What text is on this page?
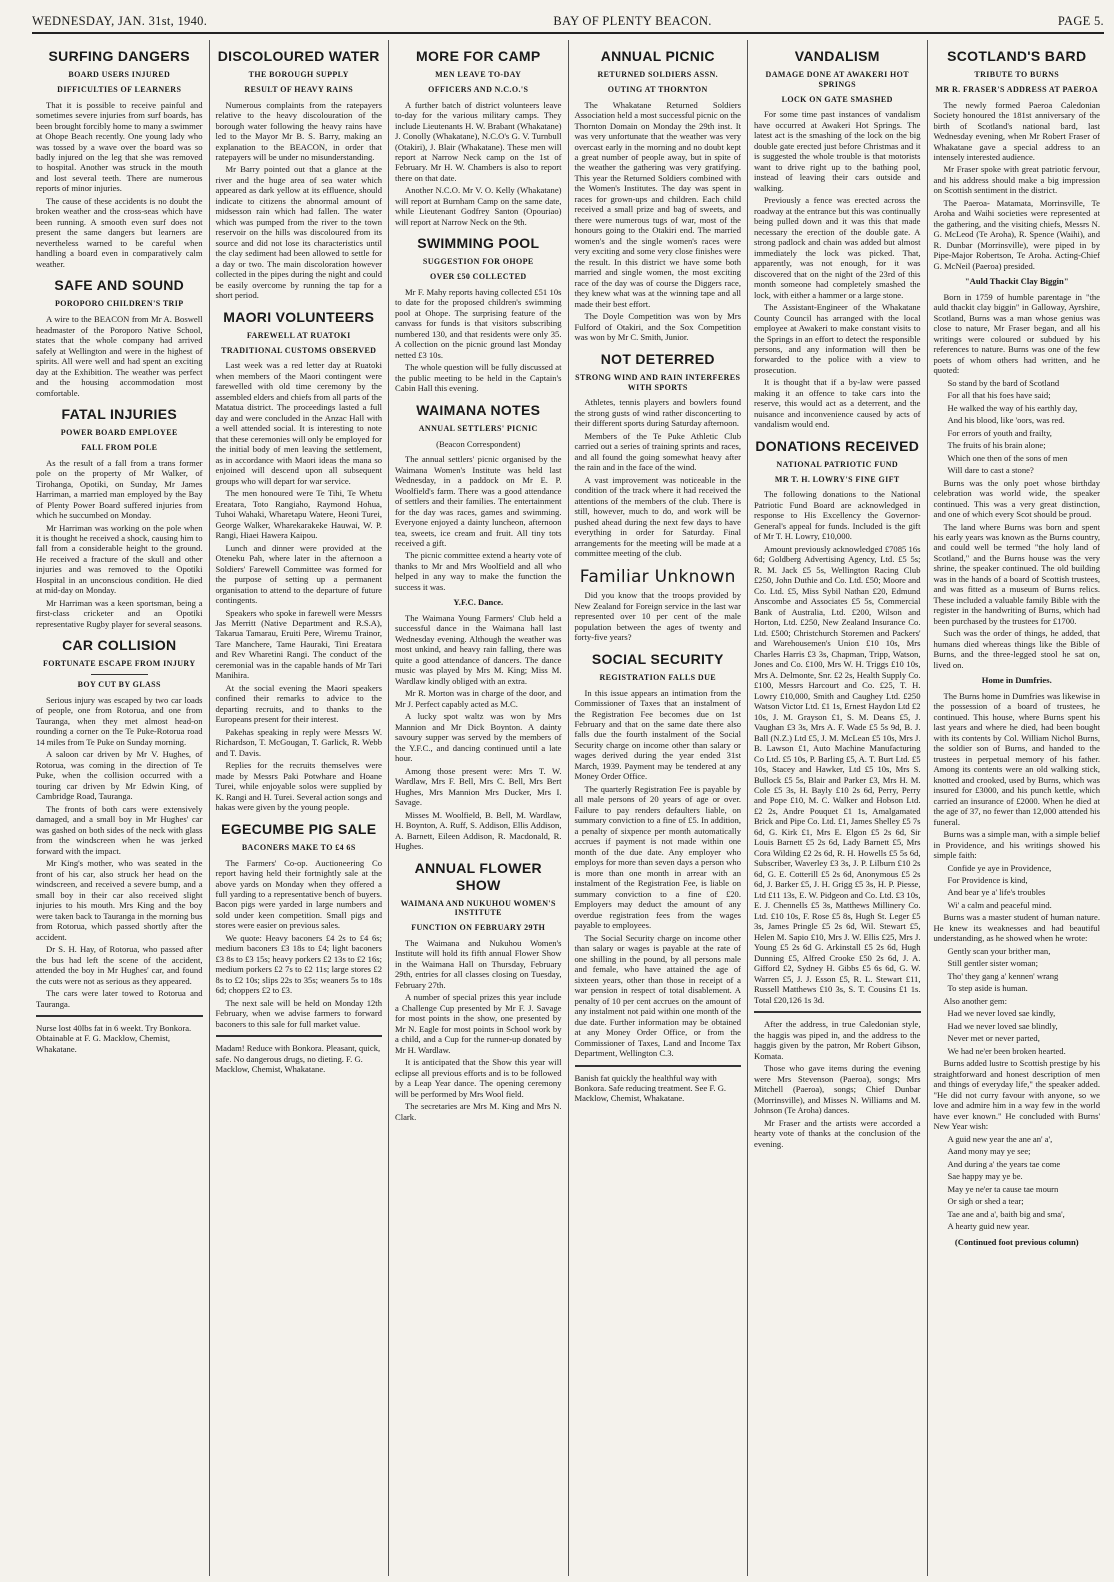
WEDNESDAY, JAN. 31st, 1940.	BAY OF PLENTY BEACON.	PAGE 5.
SURFING DANGERS
BOARD USERS INJURED
DIFFICULTIES OF LEARNERS

That it is possible to receive painful and sometimes severe injuries from surf boards, has been brought forcibly home to many a swimmer at Ohope Beach recently. One young lady who was tossed by a wave over the board was so badly injured on the leg that she was removed to hospital. Another was struck in the mouth and lost several teeth. There are numerous reports of minor injuries.

The cause of these accidents is no doubt the broken weather and the cross-seas which have been running. A smooth even surf does not present the same dangers but learners are nevertheless warned to be careful when handling a board even in comparatively calm weather.

SAFE AND SOUND
POROPORO CHILDREN'S TRIP

A wire to the BEACON from Mr A. Boswell headmaster of the Poroporo Native School, states that the whole company had arrived safely at Wellington and were in the highest of spirits. All were well and had spent an exciting day at the Exhibition. The weather was perfect and the housing accommodation most comfortable.

FATAL INJURIES
POWER BOARD EMPLOYEE
FALL FROM POLE

As the result of a fall from a trans former pole on the property of Mr Walker, of Tirohanga, Opotiki, on Sunday, Mr James Harriman, a married man employed by the Bay of Plenty Power Board suffered injuries from which he succumbed on Monday.

Mr Harriman was working on the pole when it is thought he received a shock, causing him to fall from a considerable height to the ground. He received a fracture of the skull and other injuries and was removed to the Opotiki Hospital in an unconscious condition. He died at mid-day on Monday.

Mr Harriman was a keen sportsman, being a first-class cricketer and an Opotiki representative Rugby player for several seasons.

CAR COLLISION
FORTUNATE ESCAPE FROM INJURY
BOY CUT BY GLASS

Serious injury was escaped by two car loads of people, one from Rotorua, and one from Tauranga, when they met almost head-on rounding a corner on the Te Puke-Rotorua road 14 miles from Te Puke on Sunday morning.

A saloon car driven by Mr V. Hughes, of Rotorua, was coming in the direction of Te Puke, when the collision occurred with a touring car driven by Mr Edwin King, of Cambridge Road, Tauranga.

The fronts of both cars were extensively damaged, and a small boy in Mr Hughes' car was gashed on both sides of the neck with glass from the windscreen when he was jerked forward with the impact.

Mr King's mother, who was seated in the front of his car, also struck her head on the windscreen, and received a severe bump, and a small boy in their car also received slight injuries to his mouth. Mrs King and the boy were taken back to Tauranga in the morning bus from Rotorua, which passed shortly after the accident.

Dr S. H. Hay, of Rotorua, who passed after the bus had left the scene of the accident, attended the boy in Mr Hughes' car, and found the cuts were not as serious as they appeared.

The cars were later towed to Rotorua and Tauranga.

Nurse lost 40lbs fat in 6 weekt. Try Bonkora. Obtainable at F. G. Macklow, Chemist, Whakatane.
DISCOLOURED WATER
THE BOROUGH SUPPLY
RESULT OF HEAVY RAINS

Numerous complaints from the ratepayers relative to the heavy discolouration of the borough water following the heavy rains have led to the Mayor Mr B. S. Barry, making an explanation to the BEACON, in order that ratepayers will be under no misunderstanding.

Mr Barry pointed out that a glance at the river and the huge area of sea water which appeared as dark yellow at its effluence, should indicate to citizens the abnormal amount of midsesson rain which had fallen. The water which was pumped from the river to the town reservoir on the hills was discoloured from its source and did not lose its characteristics until the clay sediment had been allowed to settle for a day or two. The main discoloration however collected in the pipes during the night and could be easily overcome by running the tap for a short period.

MAORI VOLUNTEERS
FAREWELL AT RUATOKI
TRADITIONAL CUSTOMS OBSERVED

Last week was a red letter day at Ruatoki when members of the Maori contingent were farewelled with old time ceremony by the assembled elders and chiefs from all parts of the Matatua district. The proceedings lasted a full day and were concluded in the Anzac Hall with a well attended social. It is interesting to note that these ceremonies will only be employed for the initial body of men leaving the settlement, as in accordance with Maori ideas the mana so enjoined will descend upon all subsequent groups who will depart for war service.

The men honoured were Te Tihi, Te Whetu Ereatara, Toto Rangiaho, Raymond Hohua, Tuhoi Wahaki, Wharetapu Watere, Heoni Turei, George Walker, Wharekarakeke Hauwai, W. P. Rangi, Hiaei Hawera Kaipou.

Lunch and dinner were provided at the Oteneku Pah, where later in the afternoon a Soldiers' Farewell Committee was formed for the purpose of setting up a permanent organisation to attend to the departure of future contingents.

Speakers who spoke in farewell were Messrs Jas Merritt (Native Department and R.S.A), Takarua Tamarau, Eruiti Pere, Wiremu Trainor, Tare Manchere, Tame Hauraki, Tini Ereatara and Rev Wharetini Rangi. The conduct of the ceremonial was in the capable hands of Mr Tari Manihira.

At the social evening the Maori speakers confined their remarks to advice to the departing recruits, and to thanks to the Europeans present for their interest.

Pakehas speaking in reply were Messrs W. Richardson, T. McGougan, T. Garlick, R. Webb and T. Davis.

Replies for the recruits themselves were made by Messrs Paki Potwhare and Hoane Turei, while enjoyable solos were supplied by K. Rangi and H. Turei. Several action songs and hakas were given by the young people.

EGECUMBE PIG SALE
BACONERS MAKE TO £4 6S

The Farmers' Co-op. Auctioneering Co report having held their fortnightly sale at the above yards on Monday when they offered a full yarding to a representative bench of buyers. Bacon pigs were yarded in large numbers and sold under keen competition. Small pigs and stores were easier on previous sales.

We quote: Heavy baconers £4 2s to £4 6s; medium baconers £3 18s to £4; light baconers £3 8s to £3 15s; heavy porkers £2 13s to £2 16s; medium porkers £2 7s to £2 11s; large stores £2 8s to £2 10s; slips 22s to 35s; weaners 5s to 18s 6d; choppers £2 to £3.

The next sale will be held on Monday 12th February, when we advise farmers to forward baconers to this sale for full market value.

Madam! Reduce with Bonkora. Pleasant, quick, safe. No dangerous drugs, no dieting. F. G. Macklow, Chemist, Whakatane.
MORE FOR CAMP
MEN LEAVE TO-DAY
OFFICERS AND N.C.O.'S

A further batch of district volunteers leave to-day for the various military camps. They include Lieutenants H. W. Brabant (Whakatane) J. Conolly (Whakatane), N.C.O's G. V. Turnbull (Otakiri), J. Blair (Whakatane). These men will report at Narrow Neck camp on the 1st of February. Mr H. W. Chambers is also to report there on that date.

Another N.C.O. Mr V. O. Kelly (Whakatane) will report at Burnham Camp on the same date, while Lieutenant Godfrey Santon (Opouriao) will report at Narrow Neck on the 9th.

SWIMMING POOL
SUGGESTION FOR OHOPE
OVER £50 COLLECTED

Mr F. Mahy reports having collected £51 10s to date for the proposed children's swimming pool at Ohope. The surprising feature of the canvass for funds is that visitors subscribing numbered 130, and that residents were only 35. A collection on the picnic ground last Monday netted £3 10s.

The whole question will be fully discussed at the public meeting to be held in the Captain's Cabin Hall this evening.

WAIMANA NOTES
ANNUAL SETTLERS' PICNIC

(Beacon Correspondent)

The annual settlers' picnic organised by the Waimana Women's Institute was held last Wednesday, in a paddock on Mr E. P. Woolfield's farm. There was a good attendance of settlers and their families. The entertainment for the day was races, games and swimming. Everyone enjoyed a dainty luncheon, afternoon tea, sweets, ice cream and fruit. All tiny tots received a gift.

The picnic committee extend a hearty vote of thanks to Mr and Mrs Woolfield and all who helped in any way to make the function the success it was.

Y.F.C. Dance.

The Waimana Young Farmers' Club held a successful dance in the Waimana hall last Wednesday evening. Although the weather was most unkind, and heavy rain falling, there was quite a good attendance of dancers. The dance music was played by Mrs M. King; Miss M. Wardlaw kindly obliged with an extra.

Mr R. Morton was in charge of the door, and Mr J. Perfect capably acted as M.C.

A lucky spot waltz was won by Mrs Mannion and Mr Dick Boynton. A dainty savoury supper was served by the members of the Y.F.C., and dancing continued until a late hour.

Among those present were: Mrs T. W. Wardlaw, Mrs F. Bell, Mrs C. Bell, Mrs Bert Hughes, Mrs Mannion Mrs Ducker, Mrs I. Savage.

Misses M. Woolfield, B. Bell, M. Wardlaw, H. Boynton, A. Ruff, S. Addison, Ellis Addison, A. Barnett, Eileen Addison, R. Macdonald, R. Hughes.

ANNUAL FLOWER SHOW
WAIMANA AND NUKUHOU WOMEN'S INSTITUTE
FUNCTION ON FEBRUARY 29TH

The Waimana and Nukuhou Women's Institute will hold its fifth annual Flower Show in the Waimana Hall on Thursday, February 29th, entries for all classes closing on Tuesday, February 27th.

A number of special prizes this year include a Challenge Cup presented by Mr F. J. Savage for most points in the show, one presented by Mr N. Eagle for most points in School work by a child, and a Cup for the runner-up donated by Mr H. Wardlaw.

It is anticipated that the Show this year will eclipse all previous efforts and is to be followed by a Leap Year dance. The opening ceremony will be performed by Mrs Wool field.

The secretaries are Mrs M. King and Mrs N. Clark.

ANNUAL PICNIC
RETURNED SOLDIERS ASSN.
OUTING AT THORNTON

The Whakatane Returned Soldiers Association held a most successful picnic on the Thornton Domain on Monday the 29th inst. It was very unfortunate that the weather was very overcast early in the morning and no doubt kept a great number of people away, but in spite of the weather the gathering was very gratifying. This year the Returned Soldiers combined with the Women's Institutes. The day was spent in races for grown-ups and children. Each child received a small prize and bag of sweets, and there were numerous tugs of war, most of the honours going to the Otakiri end. The married women's and the single women's races were very exciting and some very close finishes were the result. In this district we have some both married and single women, the most exciting race of the day was of course the Diggers race, they knew what was at the winning tape and all made their best effort.

The Doyle Competition was won by Mrs Fulford of Otakiri, and the Sox Competition was won by Mr C. Smith, Junior.

NOT DETERRED
STRONG WIND AND RAIN INTERFERES WITH SPORTS

Athletes, tennis players and bowlers found the strong gusts of wind rather disconcerting to their different sports during Saturday afternoon.

Members of the Te Puke Athletic Club carried out a series of training sprints and races, and all found the going somewhat heavy after the rain and in the face of the wind.

A vast improvement was noticeable in the condition of the track where it had received the attentions of the members of the club. There is still, however, much to do, and work will be pushed ahead during the next few days to have everything in order for Saturday. Final arrangements for the meeting will be made at a committee meeting of the club.

Familiar Unknown

Did you know that the troops provided by New Zealand for Foreign service in the last war represented over 10 per cent of the male population between the ages of twenty and forty-five years?

SOCIAL SECURITY
REGISTRATION FALLS DUE

In this issue appears an intimation from the Commissioner of Taxes that an instalment of the Registration Fee becomes due on 1st February and that on the same date there also falls due the fourth instalment of the Social Security charge on income other than salary or wages derived during the year ended 31st March, 1939. Payment may be tendered at any Money Order Office.

The quarterly Registration Fee is payable by all male persons of 20 years of age or over. Failure to pay renders defaulters liable, on summary conviction to a fine of £5. In addition, a penalty of sixpence per month automatically accrues if payment is not made within one month of the due date. Any employer who employs for more than seven days a person who is more than one month in arrear with an instalment of the Registration Fee, is liable on summary conviction to a fine of £20. Employers may deduct the amount of any overdue registration fees from the wages payable to employees.

The Social Security charge on income other than salary or wages is payable at the rate of one shilling in the pound, by all persons male and female, who have attained the age of sixteen years, other than those in receipt of a war pension in respect of total disablement. A penalty of 10 per cent accrues on the amount of any instalment not paid within one month of the due date. Further information may be obtained at any Money Order Office, or from the Commissioner of Taxes, Land and Income Tax Department, Wellington C.3.

Banish fat quickly the healthful way with Bonkora. Safe reducing treatment. See F. G. Macklow, Chemist, Whakatane.
VANDALISM
DAMAGE DONE AT AWAKERI HOT SPRINGS
LOCK ON GATE SMASHED

For some time past instances of vandalism have occurred at Awakeri Hot Springs. The latest act is the smashing of the lock on the big double gate erected just before Christmas and it is suggested the whole trouble is that motorists want to drive right up to the bathing pool, instead of leaving their cars outside and walking.

Previously a fence was erected across the roadway at the entrance but this was continually being pulled down and it was this that made necessary the erection of the double gate. A strong padlock and chain was added but almost immediately the lock was picked. That, apparently, was not enough, for it was discovered that on the night of the 23rd of this month someone had completely smashed the lock, with either a hammer or a large stone.

The Assistant-Engineer of the Whakatane County Council has arranged with the local employee at Awakeri to make constant visits to the Springs in an effort to detect the responsible persons, and any information will then be forwarded to the police with a view to prosecution.

It is thought that if a by-law were passed making it an offence to take cars into the reserve, this would act as a deterrent, and the nuisance and inconvenience caused by acts of vandalism would end.

DONATIONS RECEIVED
NATIONAL PATRIOTIC FUND
MR T. H. LOWRY'S FINE GIFT

The following donations to the National Patriotic Fund Board are acknowledged in response to His Excellency the Governor-General's appeal for funds. Included is the gift of Mr T. H. Lowry, £10,000.

Amount previously acknowledged £7085 16s 6d; Goldberg Advertising Agency, Ltd. £5 5s; R. M. Jack £5 5s, Wellington Racing Club £250, John Duthie and Co. Ltd. £50; Moore and Co. Ltd. £5, Miss Sybil Nathan £20, Edmund Anscombe and Associates £5 5s, Commercial Bank of Australia, Ltd. £200, Wilson and Horton, Ltd. £250, New Zealand Insurance Co. Ltd. £500; Christchurch Storemen and Packers' and Warehousemen's Union £10 10s, Mrs Charles Harris £3 3s, Chapman, Tripp, Watson, Jones and Co. £100, Mrs W. H. Triggs £10 10s, Mrs A. Delmonte, Snr. £2 2s, Health Supply Co. £100, Messrs Harcourt and Co. £25, T. H. Lowry £10,000, Smith and Caughey Ltd. £250 Watson Victor Ltd. £1 1s, Ernest Haydon Ltd £2 10s, J. M. Grayson £1, S. M. Deans £5, J. Vaughan £3 3s, Mrs A. F. Wade £5 5s 9d, B. J. Ball (N.Z.) Ltd £5, J. M. McLean £5 10s, Mrs J. B. Lawson £1, Auto Machine Manufacturing Co Ltd. £5 10s, P. Barling £5, A. T. Burt Ltd. £5 10s, Stacey and Hawker, Ltd £5 10s, Mrs S. Bullock £5 5s, Blair and Parker £3, Mrs H. M. Cole £5 3s, H. Bayly £10 2s 6d, Perry, Perry and Pope £10, M. C. Walker and Hobson Ltd. £2 2s, Andre Pouquet £1 1s, Amalgamated Brick and Pipe Co. Ltd. £1, James Shelley £5 7s 6d, G. Kirk £1, Mrs E. Elgon £5 2s 6d, Sir Louis Barnett £5 2s 6d, Lady Barnett £5, Mrs Cora Wilding £2 2s 6d, R. H. Howells £5 5s 6d, Subscriber, Waverley £3 3s, J. P. Lilburn £10 2s 6d, G. E. Cotterill £5 2s 6d, Anonymous £5 2s 6d, J. Barker £5, J. H. Grigg £5 3s, H. P. Piesse, Ltd £11 13s, E. W. Pidgeon and Co. Ltd. £3 10s, E. J. Chennells £5 3s, Matthews Millinery Co. Ltd. £10 10s, F. Rose £5 8s, Hugh St. Leger £5 3s, James Pringle £5 2s 6d, Wil. Stewart £5, Helen M. Sapio £10, Mrs J. W. Ellis £25, Mrs J. Young £5 2s 6d G. Arkinstall £5 2s 6d, Hugh Dunning £5, Alfred Crooke £50 2s 6d, J. A. Gifford £2, Sydney H. Gibbs £5 6s 6d, G. W. Warren £5, J. J. Esson £5, R. L. Stewart £11, Russell Matthews £10 3s, S. T. Cousins £1 1s. Total £20,126 1s 3d.

After the address, in true Caledonian style, the haggis was piped in, and the address to the haggis given by the patron, Mr Robert Gibson, Komata.

Those who gave items during the evening were Mrs Stevenson (Paeroa), songs; Mrs Mitchell (Paeroa), songs; Chief Dunbar (Morrinsville), and Misses N. Williams and M. Johnson (Te Aroha) dances.

Mr Fraser and the artists were accorded a hearty vote of thanks at the conclusion of the evening.

SCOTLAND'S BARD
TRIBUTE TO BURNS
MR R. FRASER'S ADDRESS AT PAEROA

The newly formed Paeroa Caledonian Society honoured the 181st anniversary of the birth of Scotland's national bard, last Wednesday evening, when Mr Robert Fraser of Whakatane gave a special address to an intensely interested audience.

Mr Fraser spoke with great patriotic fervour, and his address should make a big impression on Scottish sentiment in the district.

The Paeroa- Matamata, Morrinsville, Te Aroha and Waihi societies were represented at the gathering, and the visiting chiefs, Messrs N. G. McLeod (Te Aroha), R. Spence (Waihi), and R. Dunbar (Morrinsville), were piped in by Pipe-Major Robertson, Te Aroha. Acting-Chief G. McNeil (Paeroa) presided.

"Auld Thackit Clay Biggin"

Born in 1759 of humble parentage in "the auld thackit clay biggin" in Galloway, Ayrshire, Scotland, Burns was a man whose genius was close to nature, Mr Fraser began, and all his writings were coloured or subdued by his references to nature. Burns was one of the few poets of whom others had written, and he quoted:

So stand by the bard of Scotland

For all that his foes have said;

He walked the way of his earthly day,

And his blood, like 'oors, was red.

For errors of youth and frailty,

The fruits of his brain alone;

Which one then of the sons of men

Will dare to cast a stone?

Burns was the only poet whose birthday celebration was world wide, the speaker continued. This was a very great distinction, and one of which every Scot should be proud.

The land where Burns was born and spent his early years was known as the Burns country, and could well be termed "the holy land of Scotland," and the Burns house was the very shrine, the speaker continued. The old building was in the hands of a board of Scottish trustees, and was fitted as a museum of Burns relics. These included a valuable family Bible with the register in the handwriting of Burns, which had been purchased by the trustees for £1700.

Such was the order of things, he added, that humans died whereas things like the Bible of Burns, and the three-legged stool he sat on, lived on.

Home in Dumfries.

The Burns home in Dumfries was likewise in the possession of a board of trustees, he continued. This house, where Burns spent his last years and where he died, had been bought with its contents by Col. William Nichol Burns, the soldier son of Burns, and handed to the trustees in perpetual memory of his father. Among its contents were an old walking stick, knotted and crooked, used by Burns, which was insured for £3000, and his punch kettle, which carried an insurance of £2000. When he died at the age of 37, no fewer than 12,000 attended his funeral.

Burns was a simple man, with a simple belief in Providence, and his writings showed his simple faith:

Confide ye aye in Providence,

For Providence is kind,

And bear ye a' life's troubles

Wi' a calm and peaceful mind.

Burns was a master student of human nature. He knew its weaknesses and had beautiful understanding, as he showed when he wrote:

Gently scan your brither man,

Still gentler sister woman;

Tho' they gang a' kennen' wrang

To step aside is human.

Also another gem:

Had we never loved sae kindly,

Had we never loved sae blindly,

Never met or never parted,

We had ne'er been broken hearted.

Burns added lustre to Scottish prestige by his straightforward and honest description of men and things of everyday life," the speaker added. "He did not curry favour with anyone, so we love and admire him in a way few in the world have ever known." He concluded with Burns' New Year wish:

A guid new year the ane an' a',

Aand mony may ye see;

And during a' the years tae come

Sae happy may ye be.

May ye ne'er ta cause tae mourn

Or sigh or shed a tear;

Tae ane and a', baith big and sma',

A hearty guid new year.

(Continued foot previous column)
